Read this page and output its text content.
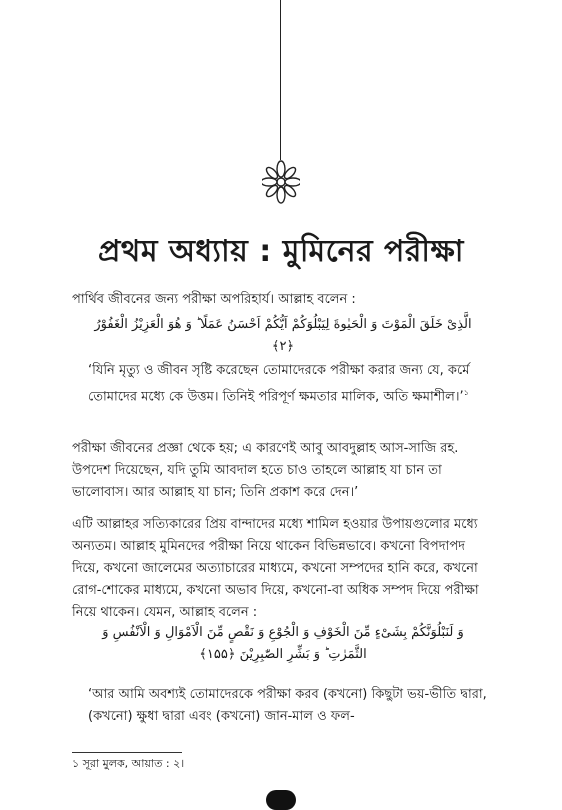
প্রথম অধ্যায় : মুমিনের পরীক্ষা
পার্থিব জীবনের জন্য পরীক্ষা অপরিহার্য। আল্লাহ বলেন :
الَّذِىْ خَلَقَ الْمَوْتَ وَ الْحَيٰوةَ لِيَبْلُوَكُمْ اَيُّكُمْ اَحْسَنُ عَمَلًا ؕ وَ هُوَ الْعَزِيْزُ الْغَفُوْرُ ﴿۲﴾
‘যিনি মৃত্যু ও জীবন সৃষ্টি করেছেন তোমাদেরকে পরীক্ষা করার জন্য যে, কর্মে তোমাদের মধ্যে কে উত্তম। তিনিই পরিপূর্ণ ক্ষমতার মালিক, অতি ক্ষমাশীল।’$^১$
পরীক্ষা জীবনের প্রজ্ঞা থেকে হয়; এ কারণেই আবু আবদুল্লাহ আস-সাজি রহ. উপদেশ দিয়েছেন, যদি তুমি আবদাল হতে চাও তাহলে আল্লাহ যা চান তা ভালোবাস। আর আল্লাহ যা চান; তিনি প্রকাশ করে দেন।’
এটি আল্লাহর সত্যিকারের প্রিয় বান্দাদের মধ্যে শামিল হওয়ার উপায়গুলোর মধ্যে অন্যতম। আল্লাহ মুমিনদের পরীক্ষা নিয়ে থাকেন বিভিন্নভাবে। কখনো বিপদাপদ দিয়ে, কখনো জালেমের অত্যাচারের মাধ্যমে, কখনো সম্পদের হানি করে, কখনো রোগ-শোকের মাধ্যমে, কখনো অভাব দিয়ে, কখনো-বা অধিক সম্পদ দিয়ে পরীক্ষা নিয়ে থাকেন। যেমন, আল্লাহ বলেন :
وَ لَنَبْلُوَنَّكُمْ بِشَیْءٍ مِّنَ الْخَوْفِ وَ الْجُوْعِ وَ نَقْصٍ مِّنَ الْاَمْوَالِ وَ الْاَنْفُسِ وَ الثَّمَرٰتِ ؕ وَ بَشِّرِ الصّٰبِرِیْنَ ﴿۱۵۵﴾
‘আর আমি অবশ্যই তোমাদেরকে পরীক্ষা করব (কখনো) কিছুটা ভয়-ভীতি দ্বারা, (কখনো) ক্ষুধা দ্বারা এবং (কখনো) জান-মাল ও ফল-
১ সূরা মুলক, আয়াত : ২।
